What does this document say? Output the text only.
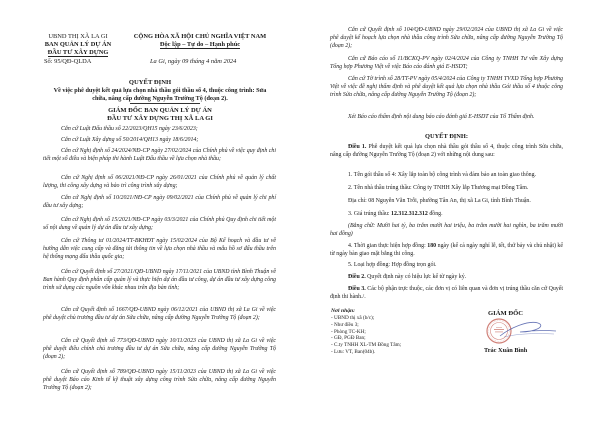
UBND THỊ XÃ LA GI
BAN QUẢN LÝ DỰ ÁN
ĐẦU TƯ XÂY DỰNG
Số: 95/QĐ-QLDA
CỘNG HÒA XÃ HỘI CHỦ NGHĨA VIỆT NAM
Độc lập – Tự do – Hạnh phúc
La Gi, ngày 09 tháng 4 năm 2024
QUYẾT ĐỊNH
Về việc phê duyệt kết quả lựa chọn nhà thầu gói thầu số 4, thuộc công trình: Sửa chữa, nâng cấp đường Nguyễn Trường Tộ (đoạn 2).
GIÁM ĐỐC BAN QUẢN LÝ DỰ ÁN
ĐẦU TƯ XÂY DỰNG THỊ XÃ LA GI
Căn cứ Luật Đấu thầu số 22/2023/QH15 ngày 23/6/2023;
Căn cứ Luật Xây dựng số 50/2014/QH13 ngày 18/6/2014;
Căn cứ Nghị định số 24/2024/NĐ-CP ngày 27/02/2024 của Chính phủ về việc quy định chi tiết một số điều và biện pháp thi hành Luật Đấu thầu về lựa chọn nhà thầu;
Căn cứ Nghị định số 06/2021/NĐ-CP ngày 26/01/2021 của Chính phủ về quản lý chất lượng, thi công xây dựng và bảo trì công trình xây dựng;
Căn cứ Nghị định số 10/2021/NĐ-CP ngày 09/02/2021 của Chính phủ về quản lý chi phí đầu tư xây dựng;
Căn cứ Nghị định số 15/2021/NĐ-CP ngày 03/3/2021 của Chính phủ Quy định chi tiết một số nội dung về quản lý dự án đầu tư xây dựng;
Căn cứ Thông tư 01/2024/TT-BKHĐT ngày 15/02/2024 của Bộ Kế hoạch và đầu tư về hướng dẫn việc cung cấp và đăng tải thông tin về lựa chọn nhà thầu và mẫu hồ sơ đấu thầu trên hệ thống mạng đấu thầu quốc gia;
Căn cứ Quyết định số 27/2021/QĐ-UBND ngày 17/11/2021 của UBND tỉnh Bình Thuận về Ban hành Quy định phân cấp quản lý và thực hiện dự án đầu tư công, dự án đầu tư xây dựng công trình sử dụng các nguồn vốn khác nhau trên địa bàn tỉnh;
Căn cứ Quyết định số 1667/QĐ-UBND ngày 06/12/2021 của UBND thị xã La Gi về việc phê duyệt chủ trương đầu tư dự án Sửa chữa, nâng cấp đường Nguyễn Trường Tộ (đoạn 2);
Căn cứ Quyết định số 773/QĐ-UBND ngày 10/11/2023 của UBND thị xã La Gi về việc phê duyệt điều chỉnh chủ trương đầu tư dự án Sửa chữa, nâng cấp đường Nguyễn Trường Tộ (đoạn 2);
Căn cứ Quyết định số 789/QĐ-UBND ngày 15/11/2023 của UBND thị xã La Gi về việc phê duyệt Báo cáo Kinh tế kỹ thuật xây dựng công trình Sửa chữa, nâng cấp đường Nguyễn Trường Tộ (đoạn 2);
Căn cứ Quyết định số 104/QĐ-UBND ngày 29/02/2024 của UBND thị xã La Gi về việc phê duyệt kế hoạch lựa chọn nhà thầu công trình Sửa chữa, nâng cấp đường Nguyễn Trường Tộ (đoạn 2);
Căn cứ Báo cáo số 11/BCKQ-PV ngày 02/4/2024 của Công ty TNHH Tư vấn Xây dựng Tổng hợp Phương Việt về việc Báo cáo đánh giá E-HSDT;
Căn cứ Tờ trình số 28/TT-PV ngày 05/4/2024 của Công ty TNHH TVXD Tổng hợp Phương Việt về việc đề nghị thẩm định và phê duyệt kết quả lựa chọn nhà thầu Gói thầu số 4 thuộc công trình Sửa chữa, nâng cấp đường Nguyễn Trường Tộ (đoạn 2);
Xét Báo cáo thẩm định nội dung báo cáo đánh giá E-HSDT của Tổ Thẩm định.
QUYẾT ĐỊNH:
Điều 1. Phê duyệt kết quả lựa chọn nhà thầu gói thầu số 4, thuộc công trình Sửa chữa, nâng cấp đường Nguyễn Trường Tộ (đoạn 2) với những nội dung sau:
1. Tên gói thầu số 4: Xây lắp toàn bộ công trình và đảm bảo an toàn giao thông.
2. Tên nhà thầu trúng thầu: Công ty TNHH Xây lắp Thương mại Đồng Tâm.
Địa chỉ: 08 Nguyễn Văn Trỗi, phường Tân An, thị xã La Gi, tỉnh Bình Thuận.
3. Giá trúng thầu: 12.312.312.312 đồng.
(Bằng chữ: Mười hai tỷ, ba trăm mười hai triệu, ba trăm mười hai nghìn, ba trăm mười hai đồng)
4. Thời gian thực hiện hợp đồng: 180 ngày (kể cả ngày nghỉ lễ, tết, thứ bảy và chủ nhật) kể từ ngày bàn giao mặt bằng thi công.
5. Loại hợp đồng: Hợp đồng trọn gói.
Điều 2. Quyết định này có hiệu lực kể từ ngày ký.
Điều 3. Các bộ phận trực thuộc, các đơn vị có liên quan và đơn vị trúng thầu căn cứ Quyết định thi hành./.
Nơi nhận:
- UBND thị xã (b/c);
- Như điều 3;
- Phòng TC-KH;
- GĐ, PGĐ Ban;
- C.ty TNHH XL-TM Đồng Tâm;
- Lưu: VT, Ban(04b).
GIÁM ĐỐC
Trác Xuân Bình
